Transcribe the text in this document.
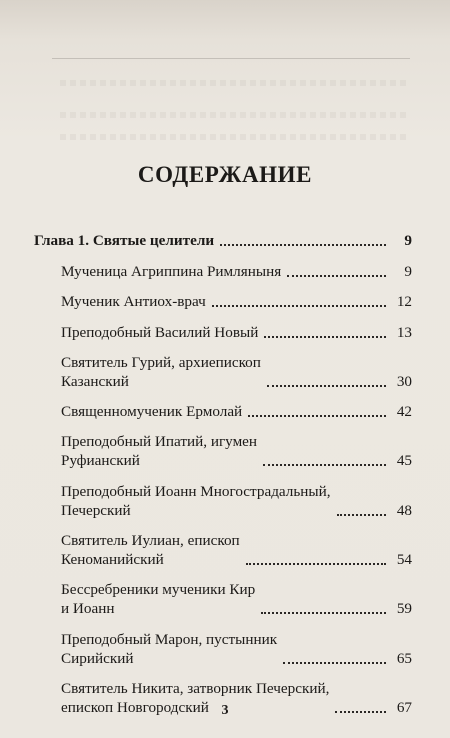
СОДЕРЖАНИЕ
Глава 1. Святые целители	9
Мученица Агриппина Римляныня	9
Мученик Антиох-врач	12
Преподобный Василий Новый	13
Святитель Гурий, архиепископ
Казанский	30
Священномученик Ермолай	42
Преподобный Ипатий, игумен
Руфианский	45
Преподобный Иоанн Многострадальный,
Печерский	48
Святитель Иулиан, епископ
Кеноманийский	54
Бессребреники мученики Кир
и Иоанн	59
Преподобный Марон, пустынник
Сирийский	65
Святитель Никита, затворник Печерский,
епископ Новгородский	67
3
